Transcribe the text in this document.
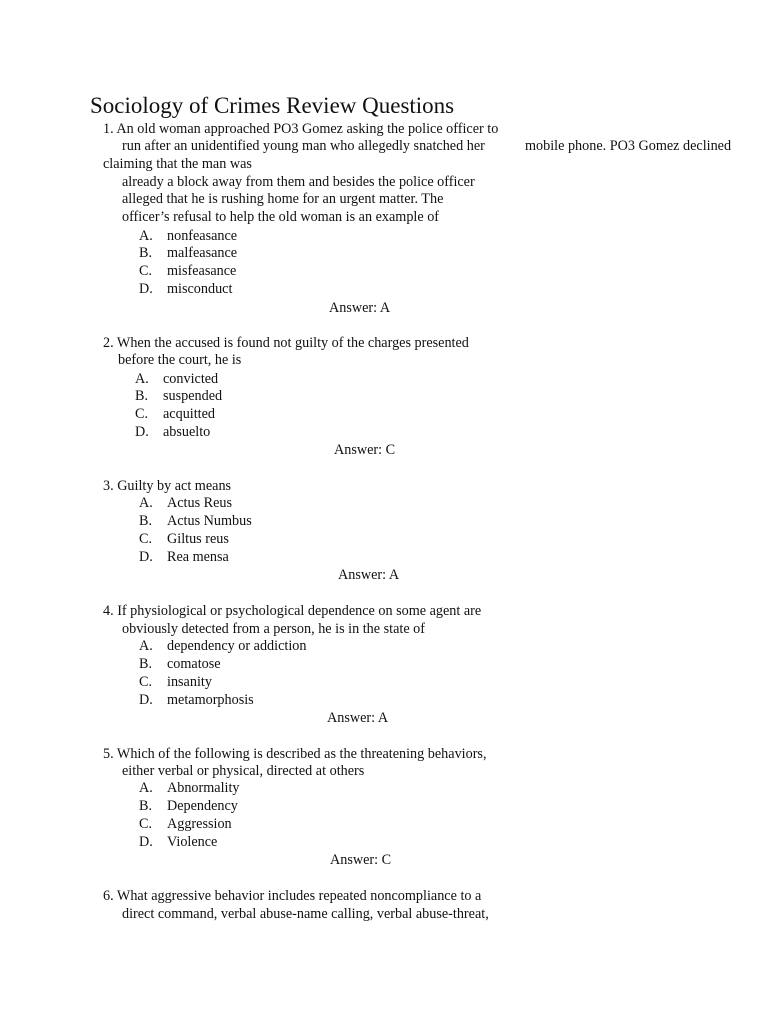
Sociology of Crimes Review Questions
1. An old woman approached PO3 Gomez asking the police officer to
run after an unidentified young man who allegedly snatched her	mobile phone. PO3 Gomez declined
claiming that the man was
already a block away from them and besides the police officer
alleged that he is rushing home for an urgent matter. The
officer’s refusal to help the old woman is an example of
A. nonfeasance
B. malfeasance
C. misfeasance
D. misconduct
Answer: A
2. When the accused is found not guilty of the charges presented
before the court, he is
A. convicted
B. suspended
C. acquitted
D. absuelto
Answer: C
3. Guilty by act means
A. Actus Reus
B. Actus Numbus
C. Giltus reus
D. Rea mensa
Answer: A
4. If physiological or psychological dependence on some agent are
obviously detected from a person, he is in the state of
A. dependency or addiction
B. comatose
C. insanity
D. metamorphosis
Answer: A
5. Which of the following is described as the threatening behaviors,
either verbal or physical, directed at others
A. Abnormality
B. Dependency
C. Aggression
D. Violence
Answer: C
6. What aggressive behavior includes repeated noncompliance to a
direct command, verbal abuse-name calling, verbal abuse-threat,
